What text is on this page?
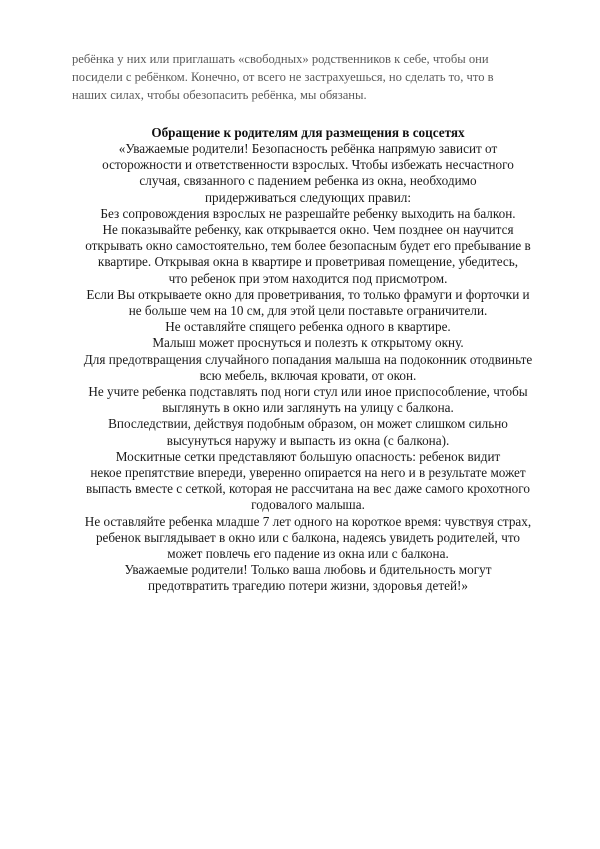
ребёнка у них или приглашать «свободных» родственников к себе, чтобы они
посидели с ребёнком. Конечно, от всего не застрахуешься, но сделать то, что в
наших силах, чтобы обезопасить ребёнка, мы обязаны.
Обращение к родителям для размещения в соцсетях
«Уважаемые родители! Безопасность ребёнка напрямую зависит от
осторожности и ответственности взрослых. Чтобы избежать несчастного
случая, связанного с падением ребенка из окна, необходимо
придерживаться следующих правил:
Без сопровождения взрослых не разрешайте ребенку выходить на балкон.
Не показывайте ребенку, как открывается окно. Чем позднее он научится
открывать окно самостоятельно, тем более безопасным будет его пребывание в
квартире. Открывая окна в квартире и проветривая помещение, убедитесь,
что ребенок при этом находится под присмотром.
Если Вы открываете окно для проветривания, то только фрамуги и форточки и
не больше чем на 10 см, для этой цели поставьте ограничители.
Не оставляйте спящего ребенка одного в квартире.
Малыш может проснуться и полезть к открытому окну.
Для предотвращения случайного попадания малыша на подоконник отодвиньте
всю мебель, включая кровати, от окон.
Не учите ребенка подставлять под ноги стул или иное приспособление, чтобы
выглянуть в окно или заглянуть на улицу с балкона.
Впоследствии, действуя подобным образом, он может слишком сильно
высунуться наружу и выпасть из окна (с балкона).
Москитные сетки представляют большую опасность: ребенок видит
некое препятствие впереди, уверенно опирается на него и в результате может
выпасть вместе с сеткой, которая не рассчитана на вес даже самого крохотного
годовалого малыша.
Не оставляйте ребенка младше 7 лет одного на короткое время: чувствуя страх,
ребенок выглядывает в окно или с балкона, надеясь увидеть родителей, что
может повлечь его падение из окна или с балкона.
Уважаемые родители! Только ваша любовь и бдительность могут
предотвратить трагедию потери жизни, здоровья детей!»
